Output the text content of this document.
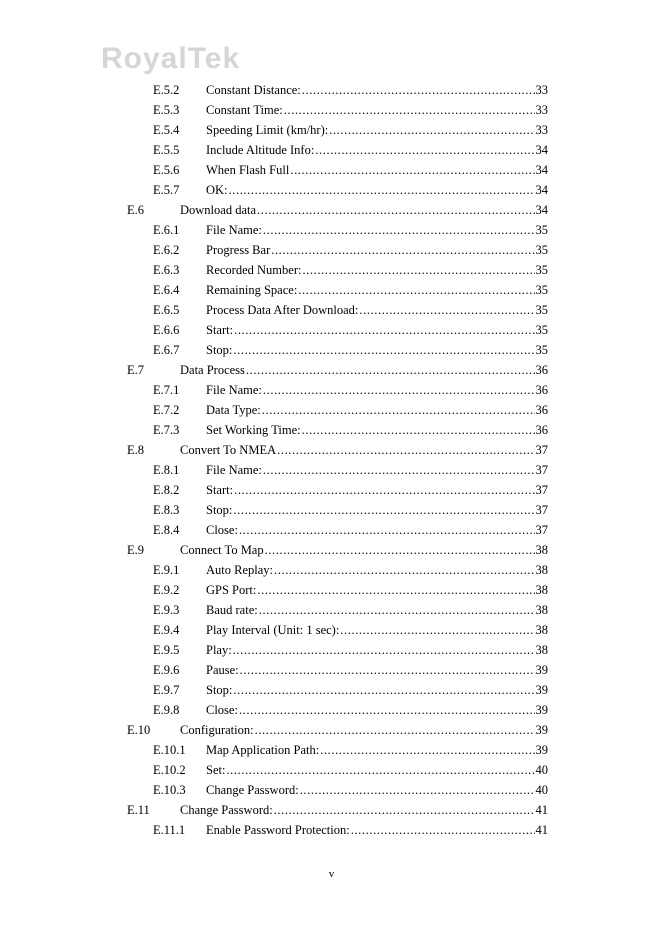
RoyalTek
E.5.2	Constant Distance: .....	33
E.5.3	Constant Time: .....	33
E.5.4	Speeding Limit (km/hr): .....	33
E.5.5	Include Altitude Info: .....	34
E.5.6	When Flash Full .....	34
E.5.7	OK: .....	34
E.6	Download data .....	34
E.6.1	File Name: .....	35
E.6.2	Progress Bar .....	35
E.6.3	Recorded Number: .....	35
E.6.4	Remaining Space: .....	35
E.6.5	Process Data After Download: .....	35
E.6.6	Start: .....	35
E.6.7	Stop: .....	35
E.7	Data Process .....	36
E.7.1	File Name: .....	36
E.7.2	Data Type: .....	36
E.7.3	Set Working Time: .....	36
E.8	Convert To NMEA .....	37
E.8.1	File Name: .....	37
E.8.2	Start: .....	37
E.8.3	Stop: .....	37
E.8.4	Close: .....	37
E.9	Connect To Map .....	38
E.9.1	Auto Replay: .....	38
E.9.2	GPS Port: .....	38
E.9.3	Baud rate: .....	38
E.9.4	Play Interval (Unit: 1 sec): .....	38
E.9.5	Play: .....	38
E.9.6	Pause: .....	39
E.9.7	Stop: .....	39
E.9.8	Close: .....	39
E.10	Configuration: .....	39
E.10.1	Map Application Path: .....	39
E.10.2	Set: .....	40
E.10.3	Change Password: .....	40
E.11	Change Password: .....	41
E.11.1	Enable Password Protection: .....	41
v
